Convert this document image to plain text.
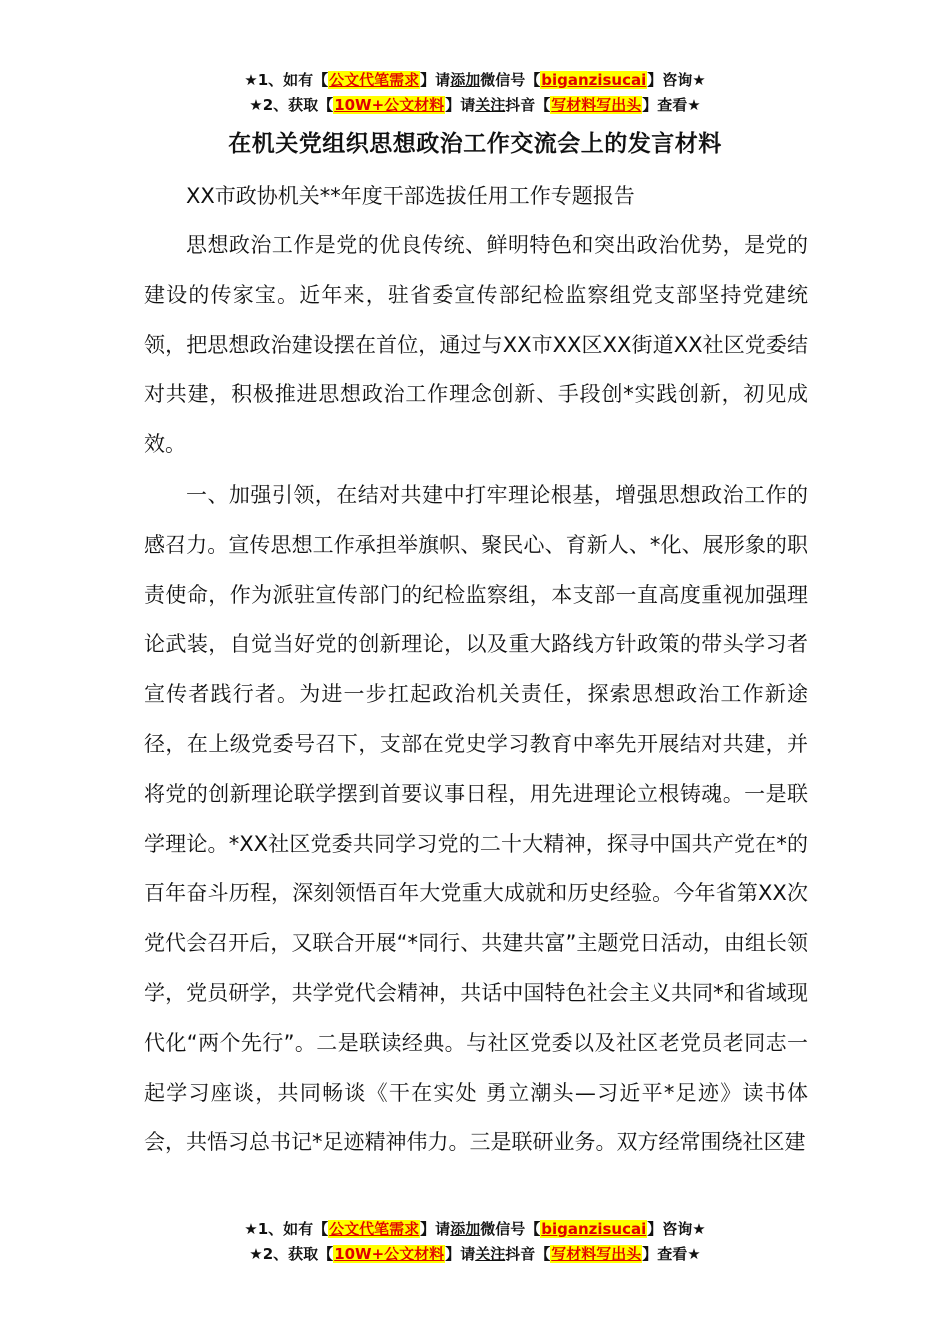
★1、如有【公文代笔需求】请添加微信号【biganzisucai】咨询★
★2、获取【10W+公文材料】请关注抖音【写材料写出头】查看★
在机关党组织思想政治工作交流会上的发言材料

XX市政协机关**年度干部选拔任用工作专题报告

思想政治工作是党的优良传统、鲜明特色和突出政治优势，是党的建设的传家宝。近年来，驻省委宣传部纪检监察组党支部坚持党建统领，把思想政治建设摆在首位，通过与XX市XX区XX街道XX社区党委结对共建，积极推进思想政治工作理念创新、手段创*实践创新，初见成效。

一、加强引领，在结对共建中打牢理论根基，增强思想政治工作的感召力。宣传思想工作承担举旗帜、聚民心、育新人、*化、展形象的职责使命，作为派驻宣传部门的纪检监察组，本支部一直高度重视加强理论武装，自觉当好党的创新理论，以及重大路线方针政策的带头学习者宣传者践行者。为进一步扛起政治机关责任，探索思想政治工作新途径，在上级党委号召下，支部在党史学习教育中率先开展结对共建，并将党的创新理论联学摆到首要议事日程，用先进理论立根铸魂。一是联学理论。*XX社区党委共同学习党的二十大精神，探寻中国共产党在*的百年奋斗历程，深刻领悟百年大党重大成就和历史经验。今年省第XX次党代会召开后，又联合开展“*同行、共建共富”主题党日活动，由组长领学，党员研学，共学党代会精神，共话中国特色社会主义共同*和省域现代化“两个先行”。二是联读经典。与社区党委以及社区老党员老同志一起学习座谈，共同畅谈《干在实处 勇立潮头—习近平*足迹》读书体会，共悟习总书记*足迹精神伟力。三是联研业务。双方经常围绕社区建

★1、如有【公文代笔需求】请添加微信号【biganzisucai】咨询★
★2、获取【10W+公文材料】请关注抖音【写材料写出头】查看★
